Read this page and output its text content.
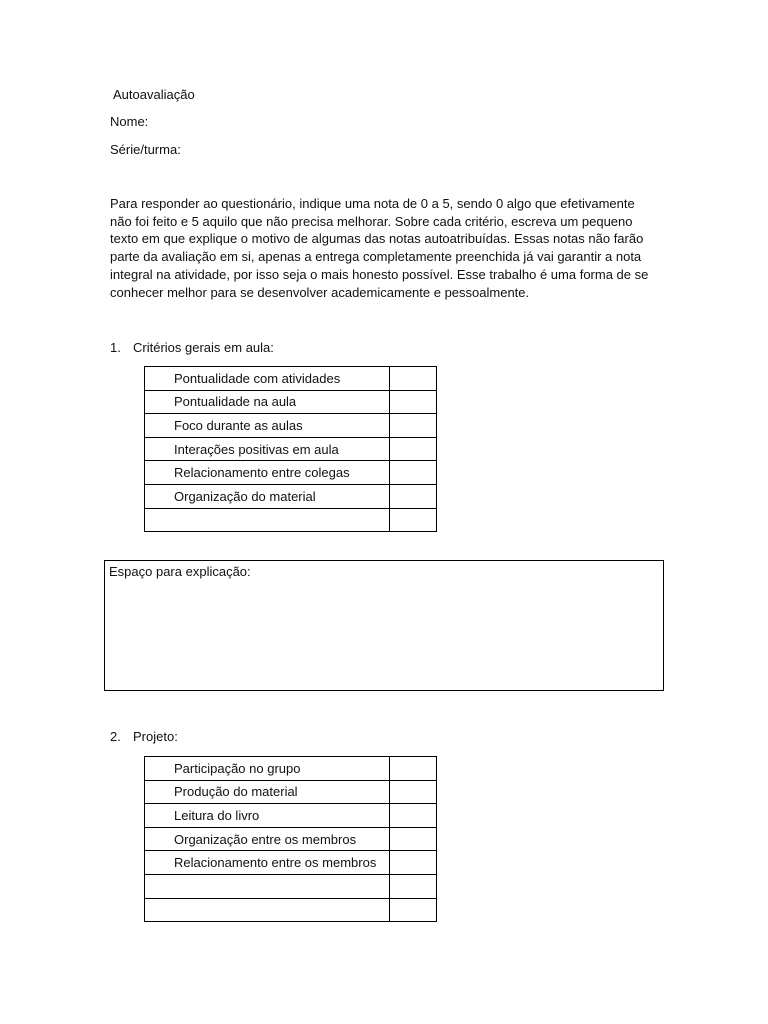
Autoavaliação
Nome:
Série/turma:
Para responder ao questionário, indique uma nota de 0 a 5, sendo 0 algo que efetivamente não foi feito e 5 aquilo que não precisa melhorar. Sobre cada critério, escreva um pequeno texto em que explique o motivo de algumas das notas autoatribuídas. Essas notas não farão parte da avaliação em si, apenas a entrega completamente preenchida já vai garantir a nota integral na atividade, por isso seja o mais honesto possível. Esse trabalho é uma forma de se conhecer melhor para se desenvolver academicamente e pessoalmente.
1. Critérios gerais em aula:
Pontualidade com atividades	
Pontualidade na aula	
Foco durante as aulas	
Interações positivas em aula	
Relacionamento entre colegas	
Organização do material	

Espaço para explicação:
2. Projeto:
Participação no grupo	
Produção do material	
Leitura do livro	
Organização entre os membros	
Relacionamento entre os membros	
